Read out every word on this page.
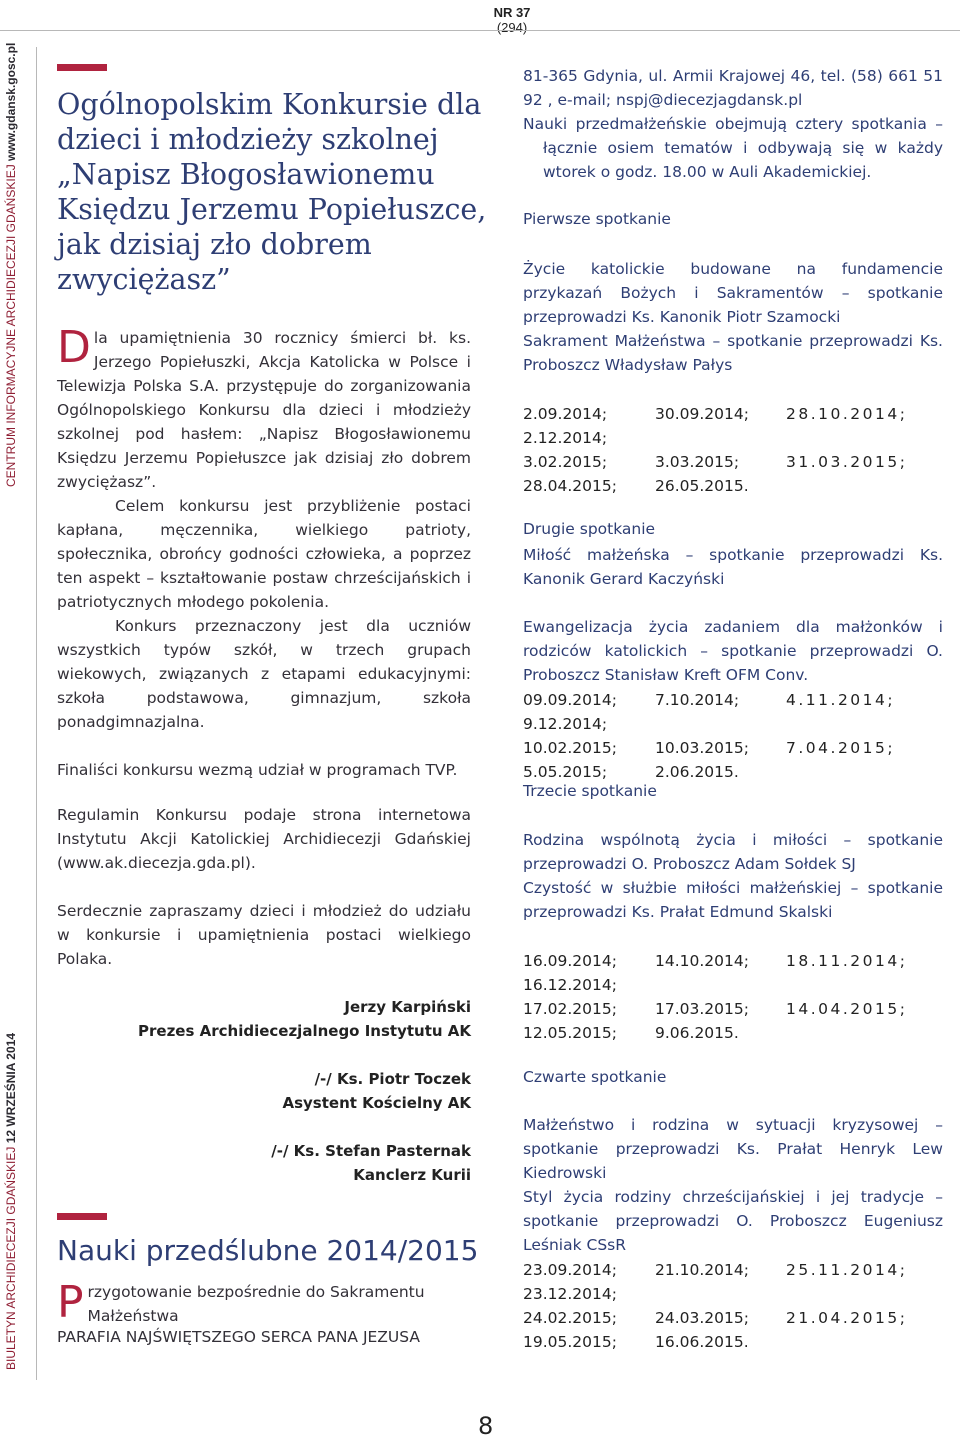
NR 37 (294)
CENTRUM INFORMACYJNE ARCHIDIECEZJI GDAŃSKIEJ www.gdansk.gosc.pl
BIULETYN ARCHIDIECEZJI GDAŃSKIEJ 12 WRZEŚNIA 2014
Ogólnopolskim Konkursie dla dzieci i młodzieży szkolnej „Napisz Błogosławionemu Księdzu Jerzemu Popiełuszce, jak dzisiaj zło dobrem zwyciężasz”
D la upamiętnienia 30 rocznicy śmierci bł. ks. Jerzego Popiełuszki, Akcja Katolicka w Polsce i Telewizja Polska S.A. przystępuje do zorganizowania Ogólnopolskiego Konkursu dla dzieci i młodzieży szkolnej pod hasłem: „Napisz Błogosławionemu Księdzu Jerzemu Popiełuszce jak dzisiaj zło dobrem zwyciężasz”.
Celem konkursu jest przybliżenie postaci kapłana, męczennika, wielkiego patrioty, społecznika, obrońcy godności człowieka, a poprzez ten aspekt – kształtowanie postaw chrześcijańskich i patriotycznych młodego pokolenia.
Konkurs przeznaczony jest dla uczniów wszystkich typów szkół, w trzech grupach wiekowych, związanych z etapami edukacyjnymi: szkoła podstawowa, gimnazjum, szkoła ponadgimnazjalna.
Finaliści konkursu wezmą udział w programach TVP.
Regulamin Konkursu podaje strona internetowa Instytutu Akcji Katolickiej Archidiecezji Gdańskiej (www.ak.diecezja.gda.pl).
Serdecznie zapraszamy dzieci i młodzież do udziału w konkursie i upamiętnienia postaci wielkiego Polaka.
Jerzy Karpiński
Prezes Archidiecezjalnego Instytutu AK
/-/ Ks. Piotr Toczek
Asystent Kościelny AK
/-/ Ks. Stefan Pasternak
Kanclerz Kurii
Nauki przedślubne 2014/2015
P rzygotowanie bezpośrednie do Sakramentu Małżeństwa
PARAFIA NAJŚWIĘTSZEGO SERCA PANA JEZUSA
81-365 Gdynia, ul. Armii Krajowej 46, tel. (58) 661 51 92 , e-mail; nspj@diecezjagdansk.pl
Nauki przedmałżeńskie obejmują cztery spotkania – łącznie osiem tematów i odbywają się w każdy wtorek o godz. 18.00 w Auli Akademickiej.
Pierwsze spotkanie
Życie katolickie budowane na fundamencie przykazań Bożych i Sakramentów – spotkanie przeprowadzi Ks. Kanonik Piotr Szamocki
Sakrament Małżeństwa – spotkanie przeprowadzi Ks. Proboszcz Władysław Pałys
2.09.2014;	30.09.2014; 28.10.2014;
2.12.2014;
3.02.2015;	3.03.2015;	31.03.2015;
28.04.2015; 26.05.2015.
Drugie spotkanie
Miłość małżeńska – spotkanie przeprowadzi Ks. Kanonik Gerard Kaczyński
Ewangelizacja życia zadaniem dla małżonków i rodziców katolickich – spotkanie przeprowadzi O. Proboszcz Stanisław Kreft OFM Conv.
09.09.2014; 7.10.2014;	4.11.2014;
9.12.2014;
10.02.2015; 10.03.2015; 7.04.2015;
5.05.2015;	2.06.2015.
Trzecie spotkanie
Rodzina wspólnotą życia i miłości – spotkanie przeprowadzi O. Proboszcz Adam Sołdek SJ
Czystość w służbie miłości małżeńskiej – spotkanie przeprowadzi Ks. Prałat Edmund Skalski
16.09.2014; 14.10.2014; 18.11.2014;
16.12.2014;
17.02.2015; 17.03.2015; 14.04.2015;
12.05.2015; 9.06.2015.
Czwarte spotkanie
Małżeństwo i rodzina w sytuacji kryzysowej – spotkanie przeprowadzi Ks. Prałat Henryk Lew Kiedrowski
Styl życia rodziny chrześcijańskiej i jej tradycje – spotkanie przeprowadzi O. Proboszcz Eugeniusz Leśniak CSsR
23.09.2014; 21.10.2014; 25.11.2014;
23.12.2014;
24.02.2015; 24.03.2015; 21.04.2015;
19.05.2015; 16.06.2015.
8
